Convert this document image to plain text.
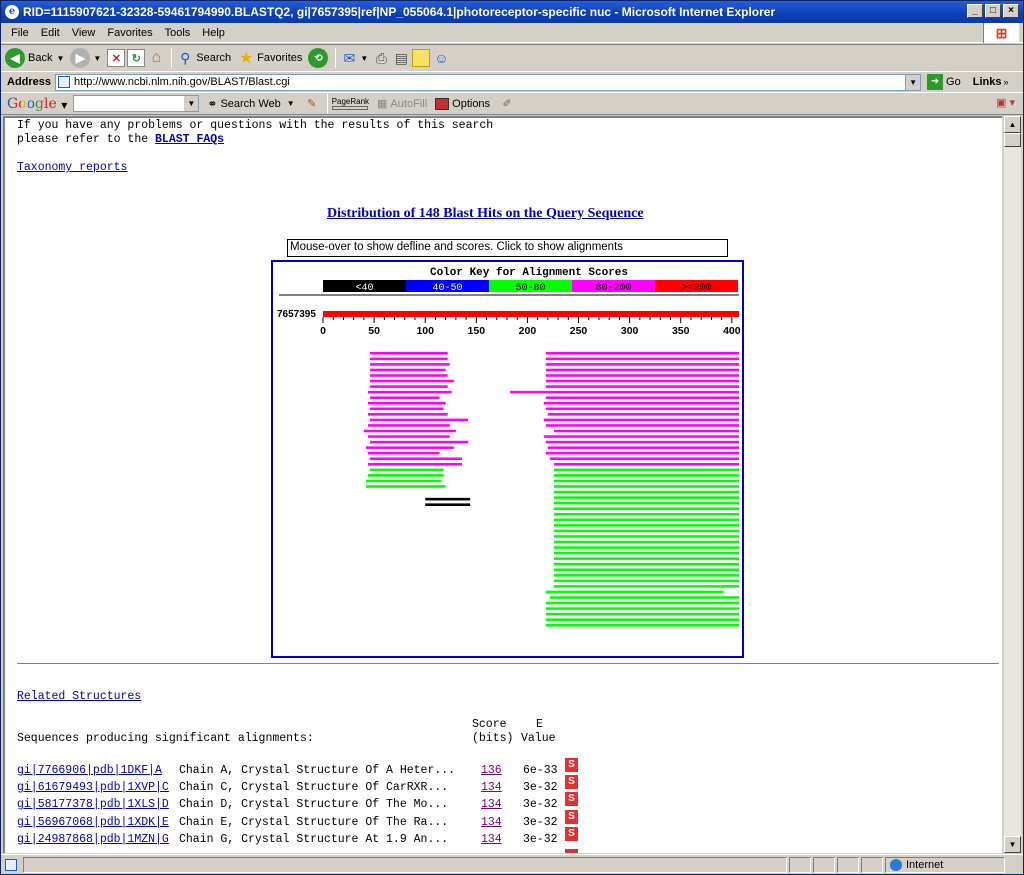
e RID=1115907621-32328-59461794990.BLASTQ2, gi|7657395|ref|NP_055064.1|photoreceptor-specific nuc - Microsoft Internet Explorer	_	□	×
File	Edit	View	Favorites	Tools	Help	⊞
◀ Back ▼ ▶	▼ ✕ ↻ ⌂ ⚲ Search ★ Favorites	⟲	✉ ▼ ⎙ ▤ ☺
Address http://www.ncbi.nlm.nih.gov/BLAST/Blast.cgi	▼	➜ Go Links »
Google ▼	▼ ⚭ Search Web ▼	✎	PageRank ▦ AutoFill Options	✐	▣ ▾
If you have any problems or questions with the results of this search
please refer to the BLAST FAQs
Taxonomy reports
Distribution of 148 Blast Hits on the Query Sequence
Mouse-over to show defline and scores. Click to show alignments
Color Key for Alignment Scores
<40	40-50	50-80	80-200	>=200
7657395
0	50	100	150	200	250	300	350	400
Related Structures
Score	E
Sequences producing significant alignments:	(bits) Value
gi|7766906|pdb|1DKF|A Chain A, Crystal Structure Of A Heter... 136 6e-33	S
gi|61679493|pdb|1XVP|C Chain C, Crystal Structure Of CarRXR...	134 3e-32	S
gi|58177378|pdb|1XLS|D Chain D, Crystal Structure Of The Mo...	134 3e-32	S
gi|56967068|pdb|1XDK|E Chain E, Crystal Structure Of The Ra...	134 3e-32	S
gi|24987868|pdb|1MZN|G Chain G, Crystal Structure At 1.9 An...	134 3e-32	S
▲
▼
Internet
